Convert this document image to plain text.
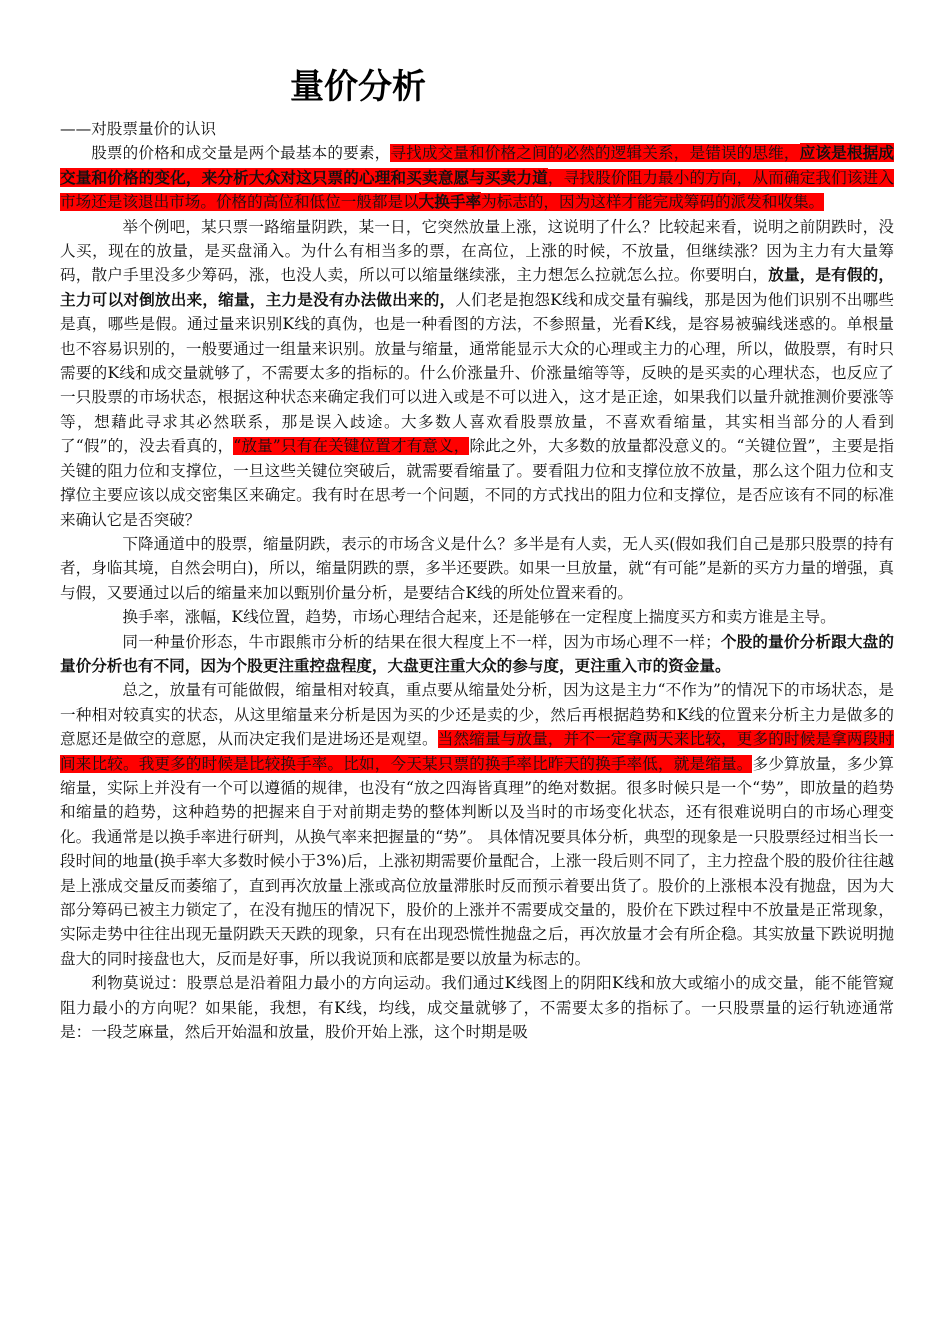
量价分析

——对股票量价的认识

股票的价格和成交量是两个最基本的要素，寻找成交量和价格之间的必然的逻辑关系，是错误的思维，应该是根据成交量和价格的变化，来分析大众对这只票的心理和买卖意愿与买卖力道，寻找股价阻力最小的方向，从而确定我们该进入市场还是该退出市场。价格的高位和低位一般都是以大换手率为标志的，因为这样才能完成筹码的派发和收集。

举个例吧，某只票一路缩量阴跌，某一日，它突然放量上涨，这说明了什么？比较起来看，说明之前阴跌时，没人买，现在的放量，是买盘涌入。为什么有相当多的票，在高位，上涨的时候，不放量，但继续涨？因为主力有大量筹码，散户手里没多少筹码，涨，也没人卖，所以可以缩量继续涨，主力想怎么拉就怎么拉。你要明白，放量，是有假的，主力可以对倒放出来，缩量，主力是没有办法做出来的，人们老是抱怨K线和成交量有骗线，那是因为他们识别不出哪些是真，哪些是假。通过量来识别K线的真伪，也是一种看图的方法，不参照量，光看K线，是容易被骗线迷惑的。单根量也不容易识别的，一般要通过一组量来识别。放量与缩量，通常能显示大众的心理或主力的心理，所以，做股票，有时只需要的K线和成交量就够了，不需要太多的指标的。什么价涨量升、价涨量缩等等，反映的是买卖的心理状态，也反应了一只股票的市场状态，根据这种状态来确定我们可以进入或是不可以进入，这才是正途，如果我们以量升就推测价要涨等等，想藉此寻求其必然联系，那是误入歧途。大多数人喜欢看股票放量，不喜欢看缩量，其实相当部分的人看到了“假”的，没去看真的，“放量”只有在关键位置才有意义，除此之外，大多数的放量都没意义的。“关键位置”，主要是指关键的阻力位和支撑位，一旦这些关键位突破后，就需要看缩量了。要看阻力位和支撑位放不放量，那么这个阻力位和支撑位主要应该以成交密集区来确定。我有时在思考一个问题，不同的方式找出的阻力位和支撑位，是否应该有不同的标准来确认它是否突破？

下降通道中的股票，缩量阴跌，表示的市场含义是什么？多半是有人卖，无人买(假如我们自己是那只股票的持有者，身临其境，自然会明白)，所以，缩量阴跌的票，多半还要跌。如果一旦放量，就“有可能”是新的买方力量的增强，真与假，又要通过以后的缩量来加以甄别价量分析，是要结合K线的所处位置来看的。

换手率，涨幅，K线位置，趋势，市场心理结合起来，还是能够在一定程度上揣度买方和卖方谁是主导。

同一种量价形态，牛市跟熊市分析的结果在很大程度上不一样，因为市场心理不一样；个股的量价分析跟大盘的量价分析也有不同，因为个股更注重控盘程度，大盘更注重大众的参与度，更注重入市的资金量。

总之，放量有可能做假，缩量相对较真，重点要从缩量处分析，因为这是主力“不作为”的情况下的市场状态，是一种相对较真实的状态，从这里缩量来分析是因为买的少还是卖的少，然后再根据趋势和K线的位置来分析主力是做多的意愿还是做空的意愿，从而决定我们是进场还是观望。当然缩量与放量，并不一定拿两天来比较，更多的时候是拿两段时间来比较。我更多的时候是比较换手率。比如，今天某只票的换手率比昨天的换手率低，就是缩量。多少算放量，多少算缩量，实际上并没有一个可以遵循的规律，也没有“放之四海皆真理”的绝对数据。很多时候只是一个“势”，即放量的趋势和缩量的趋势，这种趋势的把握来自于对前期走势的整体判断以及当时的市场变化状态，还有很难说明白的市场心理变化。我通常是以换手率进行研判，从换气率来把握量的“势”。 具体情况要具体分析，典型的现象是一只股票经过相当长一段时间的地量(换手率大多数时候小于3%)后，上涨初期需要价量配合，上涨一段后则不同了，主力控盘个股的股价往往越是上涨成交量反而萎缩了，直到再次放量上涨或高位放量滞胀时反而预示着要出货了。股价的上涨根本没有抛盘，因为大部分筹码已被主力锁定了，在没有抛压的情况下，股价的上涨并不需要成交量的，股价在下跌过程中不放量是正常现象，实际走势中往往出现无量阴跌天天跌的现象，只有在出现恐慌性抛盘之后，再次放量才会有所企稳。其实放量下跌说明抛盘大的同时接盘也大，反而是好事，所以我说顶和底都是要以放量为标志的。

利物莫说过：股票总是沿着阻力最小的方向运动。我们通过K线图上的阴阳K线和放大或缩小的成交量，能不能管窥阻力最小的方向呢？如果能，我想，有K线，均线，成交量就够了，不需要太多的指标了。一只股票量的运行轨迹通常是：一段芝麻量，然后开始温和放量，股价开始上涨，这个时期是吸
